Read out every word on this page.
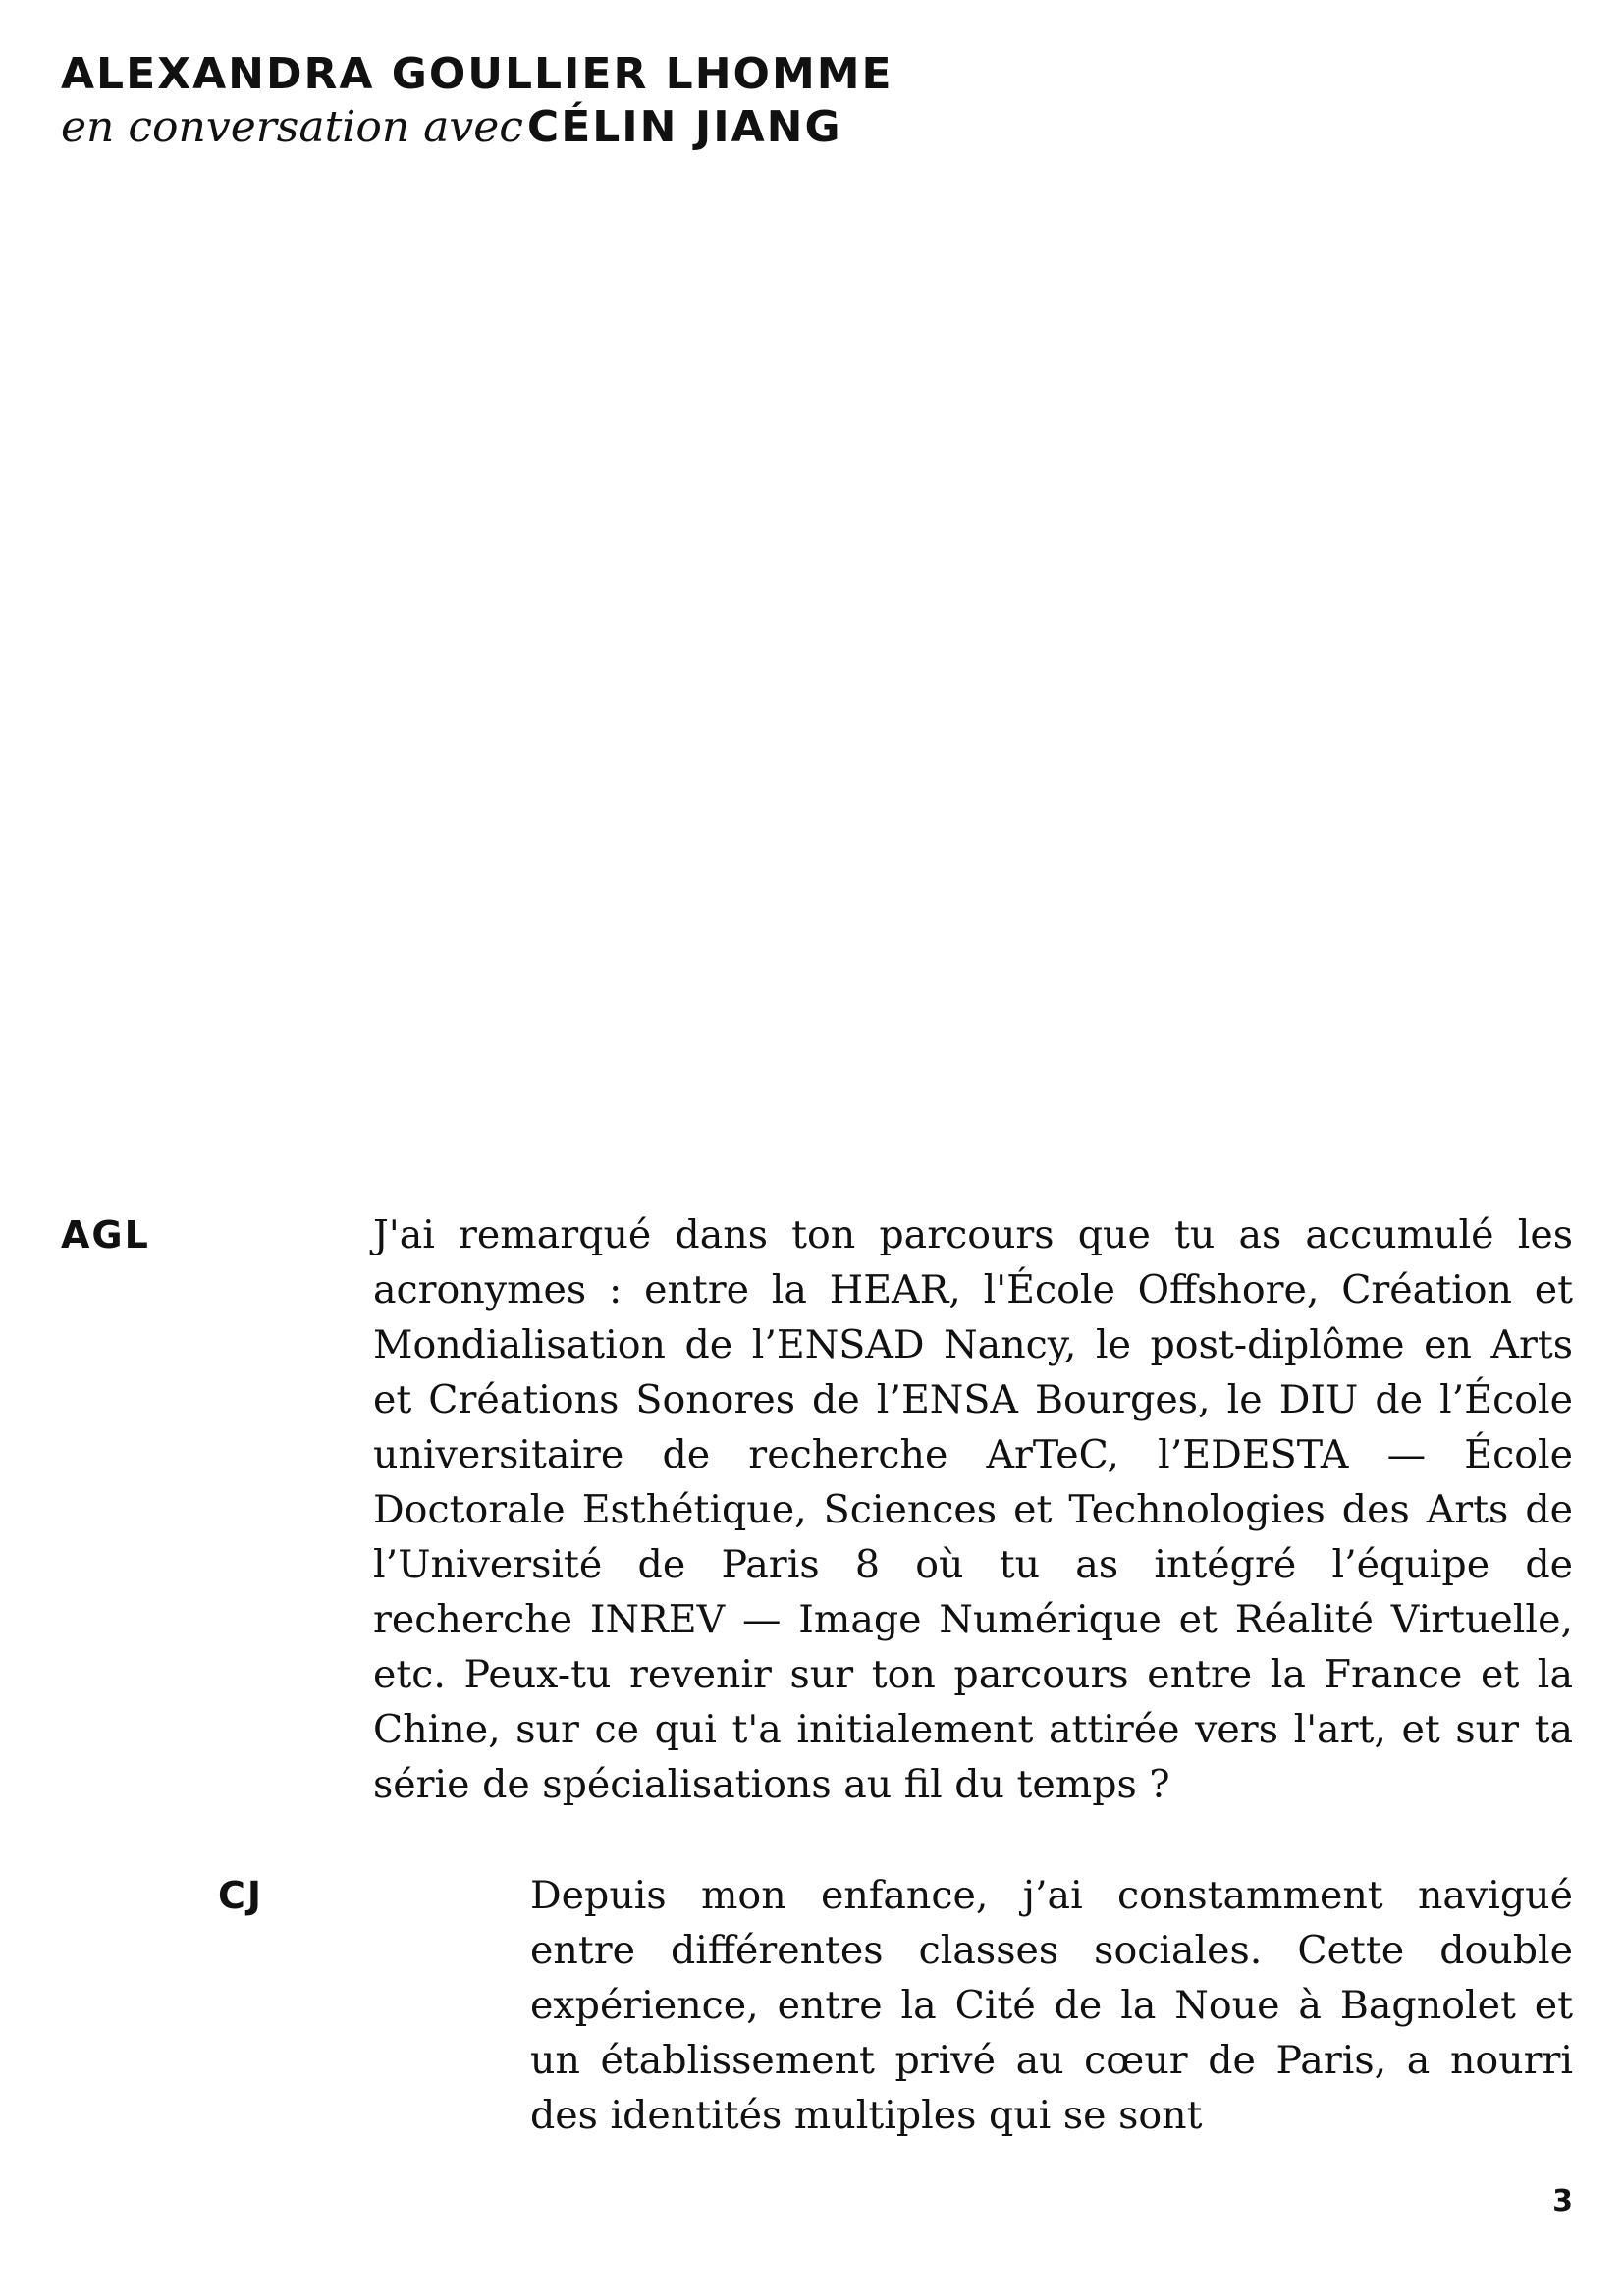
ALEXANDRA GOULLIER LHOMME
en conversation avec CÉLIN JIANG
AGL	J'ai remarqué dans ton parcours que tu as accumulé les acronymes : entre la HEAR, l'École Offshore, Création et Mondialisation de l’ENSAD Nancy, le post-diplôme en Arts et Créations Sonores de l’ENSA Bourges, le DIU de l’École universitaire de recherche ArTeC, l’EDESTA — École Doctorale Esthétique, Sciences et Technologies des Arts de l’Université de Paris 8 où tu as intégré l’équipe de recherche INREV — Image Numérique et Réalité Virtuelle, etc. Peux-tu revenir sur ton parcours entre la France et la Chine, sur ce qui t'a initialement attirée vers l'art, et sur ta série de spécialisations au fil du temps ?
CJ	Depuis mon enfance, j’ai constamment navigué entre différentes classes sociales. Cette double expérience, entre la Cité de la Noue à Bagnolet et un établissement privé au cœur de Paris, a nourri des identités multiples qui se sont
3
